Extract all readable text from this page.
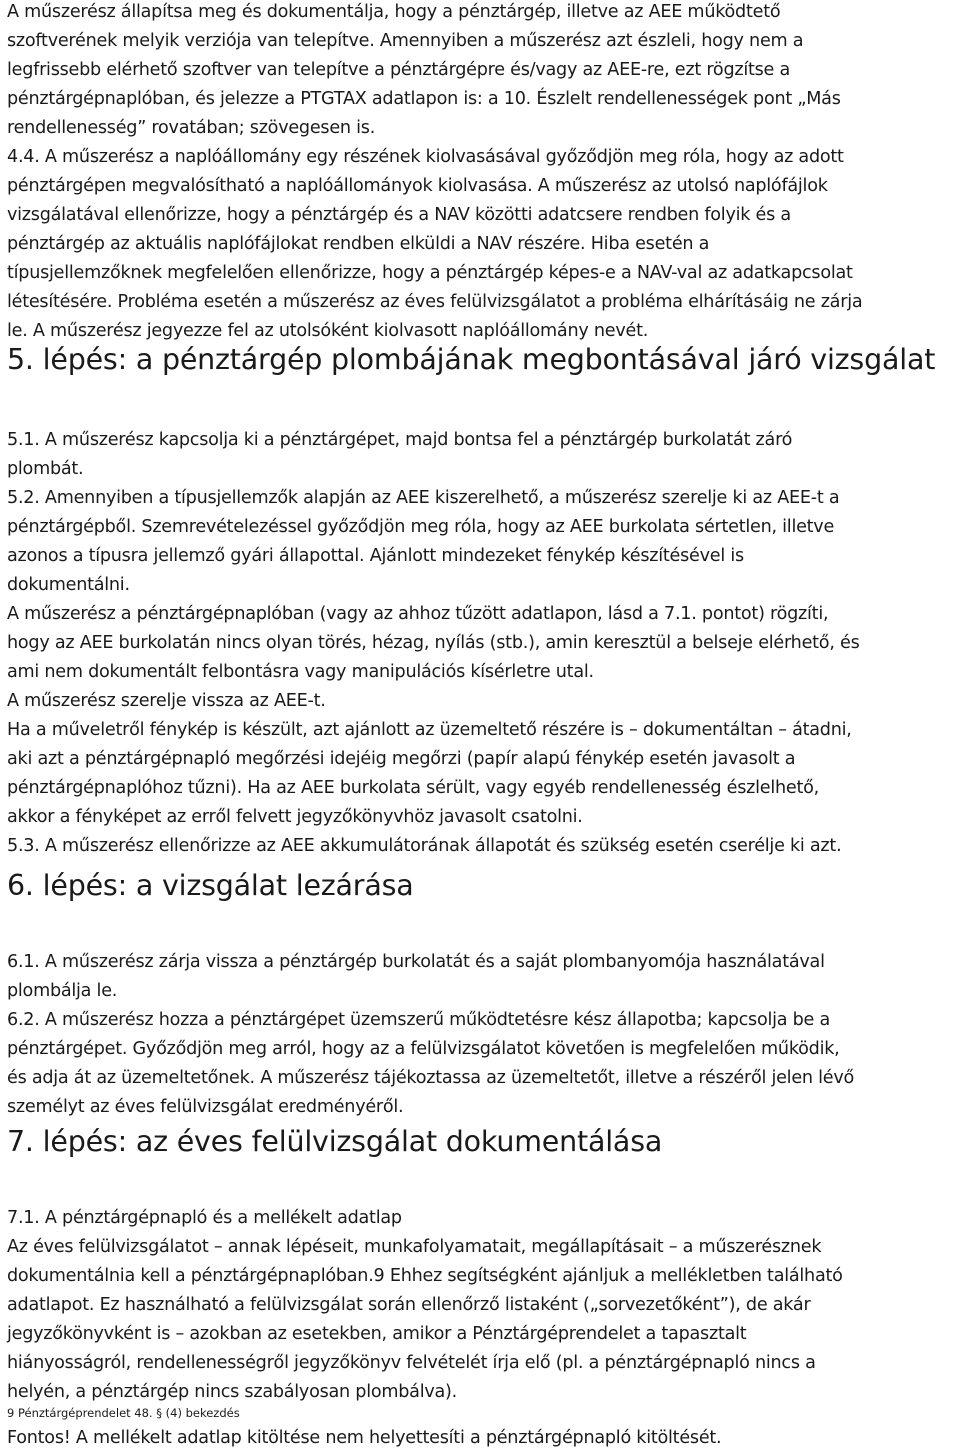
A műszerész állapítsa meg és dokumentálja, hogy a pénztárgép, illetve az AEE működtető
szoftverének melyik verziója van telepítve. Amennyiben a műszerész azt észleli, hogy nem a
legfrissebb elérhető szoftver van telepítve a pénztárgépre és/vagy az AEE-re, ezt rögzítse a
pénztárgépnaplóban, és jelezze a PTGTAX adatlapon is: a 10. Észlelt rendellenességek pont „Más
rendellenesség” rovatában; szövegesen is.
4.4. A műszerész a naplóállomány egy részének kiolvasásával győződjön meg róla, hogy az adott
pénztárgépen megvalósítható a naplóállományok kiolvasása. A műszerész az utolsó naplófájlok
vizsgálatával ellenőrizze, hogy a pénztárgép és a NAV közötti adatcsere rendben folyik és a
pénztárgép az aktuális naplófájlokat rendben elküldi a NAV részére. Hiba esetén a
típusjellemzőknek megfelelően ellenőrizze, hogy a pénztárgép képes-e a NAV-val az adatkapcsolat
létesítésére. Probléma esetén a műszerész az éves felülvizsgálatot a probléma elhárításáig ne zárja
le. A műszerész jegyezze fel az utolsóként kiolvasott naplóállomány nevét.
5. lépés: a pénztárgép plombájának megbontásával járó vizsgálat
5.1. A műszerész kapcsolja ki a pénztárgépet, majd bontsa fel a pénztárgép burkolatát záró
plombát.
5.2. Amennyiben a típusjellemzők alapján az AEE kiszerelhető, a műszerész szerelje ki az AEE-t a
pénztárgépből. Szemrevételezéssel győződjön meg róla, hogy az AEE burkolata sértetlen, illetve
azonos a típusra jellemző gyári állapottal. Ajánlott mindezeket fénykép készítésével is
dokumentálni.
A műszerész a pénztárgépnaplóban (vagy az ahhoz tűzött adatlapon, lásd a 7.1. pontot) rögzíti,
hogy az AEE burkolatán nincs olyan törés, hézag, nyílás (stb.), amin keresztül a belseje elérhető, és
ami nem dokumentált felbontásra vagy manipulációs kísérletre utal.
A műszerész szerelje vissza az AEE-t.
Ha a műveletről fénykép is készült, azt ajánlott az üzemeltető részére is – dokumentáltan – átadni,
aki azt a pénztárgépnapló megőrzési idejéig megőrzi (papír alapú fénykép esetén javasolt a
pénztárgépnaplóhoz tűzni). Ha az AEE burkolata sérült, vagy egyéb rendellenesség észlelhető,
akkor a fényképet az erről felvett jegyzőkönyvhöz javasolt csatolni.
5.3. A műszerész ellenőrizze az AEE akkumulátorának állapotát és szükség esetén cserélje ki azt.
6. lépés: a vizsgálat lezárása
6.1. A műszerész zárja vissza a pénztárgép burkolatát és a saját plombanyomója használatával
plombálja le.
6.2. A műszerész hozza a pénztárgépet üzemszerű működtetésre kész állapotba; kapcsolja be a
pénztárgépet. Győződjön meg arról, hogy az a felülvizsgálatot követően is megfelelően működik,
és adja át az üzemeltetőnek. A műszerész tájékoztassa az üzemeltetőt, illetve a részéről jelen lévő
személyt az éves felülvizsgálat eredményéről.
7. lépés: az éves felülvizsgálat dokumentálása
7.1. A pénztárgépnapló és a mellékelt adatlap
Az éves felülvizsgálatot – annak lépéseit, munkafolyamatait, megállapításait – a műszerésznek
dokumentálnia kell a pénztárgépnaplóban.9 Ehhez segítségként ajánljuk a mellékletben található
adatlapot. Ez használható a felülvizsgálat során ellenőrző listaként („sorvezetőként”), de akár
jegyzőkönyvként is – azokban az esetekben, amikor a Pénztárgéprendelet a tapasztalt
hiányosságról, rendellenességről jegyzőkönyv felvételét írja elő (pl. a pénztárgépnapló nincs a
helyén, a pénztárgép nincs szabályosan plombálva).
9 Pénztárgéprendelet 48. § (4) bekezdés
Fontos! A mellékelt adatlap kitöltése nem helyettesíti a pénztárgépnapló kitöltését.
